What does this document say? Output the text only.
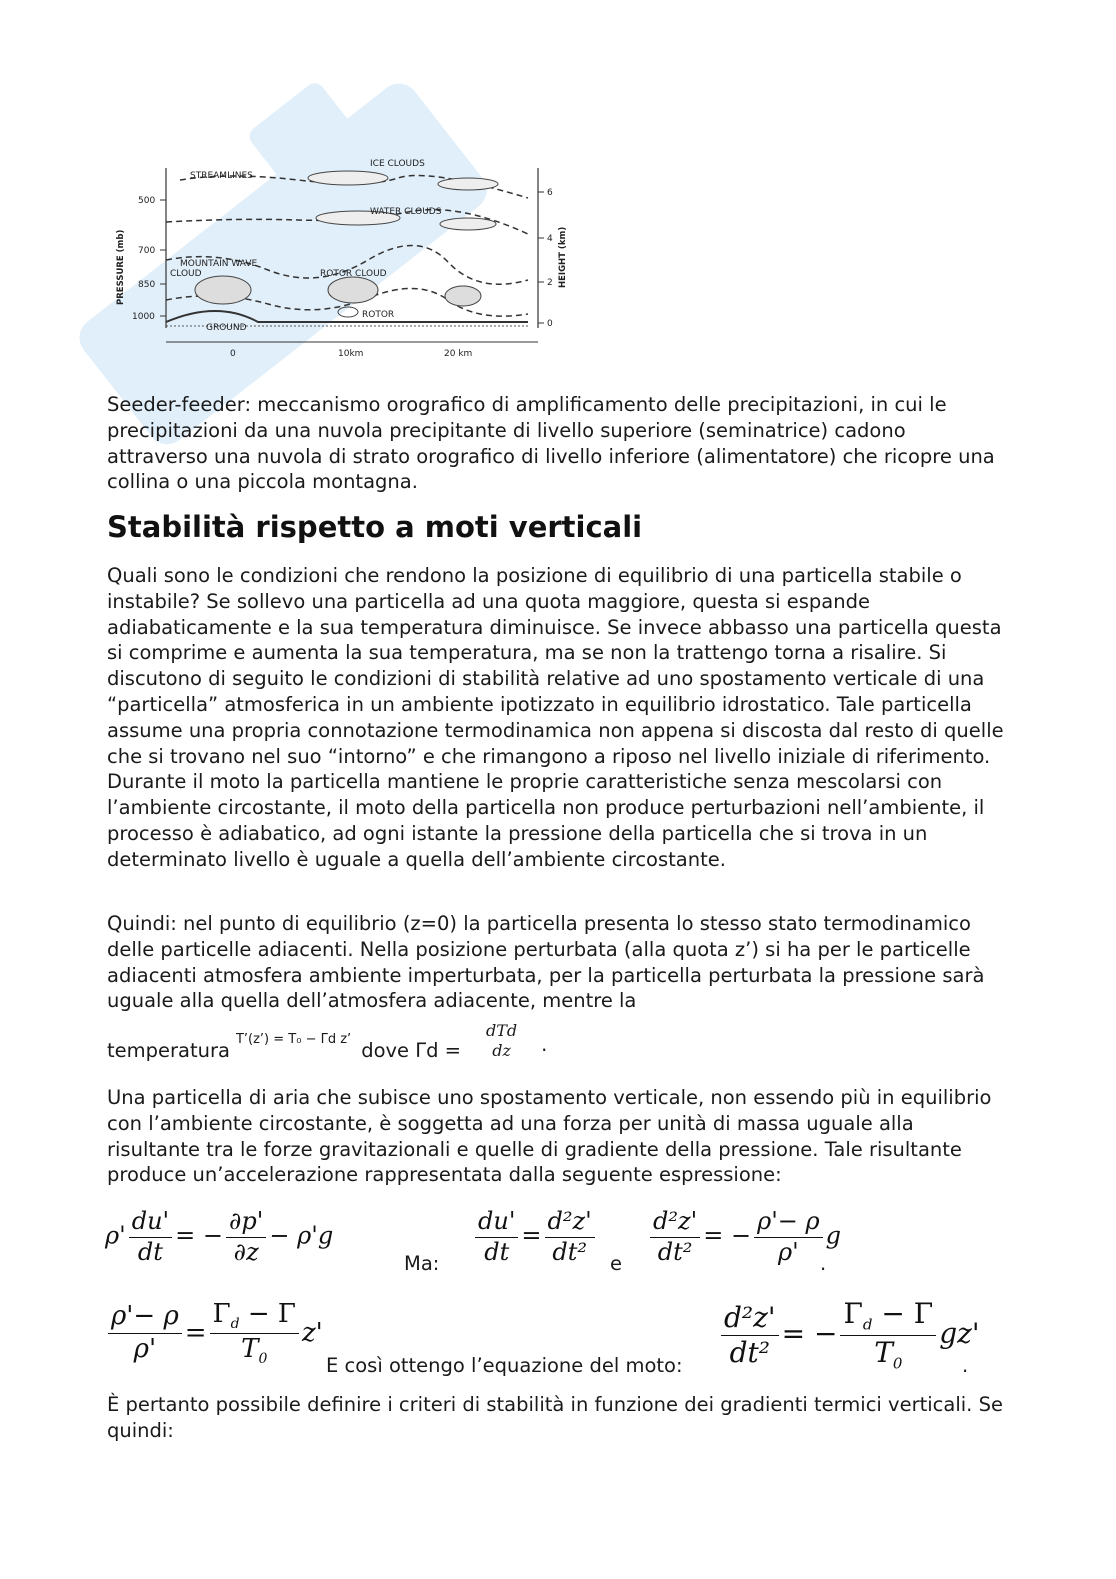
500
700
850
1000
6
4
2
0
PRESSURE (mb)	HEIGHT (km)
STREAMLINES
ICE CLOUDS
WATER CLOUDS
MOUNTAIN WAVE
CLOUD	ROTOR CLOUD
ROTOR
GROUND
0	10km	20 km

Seeder-feeder: meccanismo orografico di amplificamento delle precipitazioni, in cui le precipitazioni da una nuvola precipitante di livello superiore (seminatrice) cadono attraverso una nuvola di strato orografico di livello inferiore (alimentatore) che ricopre una collina o una piccola montagna.

Stabilità rispetto a moti verticali

Quali sono le condizioni che rendono la posizione di equilibrio di una particella stabile o instabile? Se sollevo una particella ad una quota maggiore, questa si espande adiabaticamente e la sua temperatura diminuisce. Se invece abbasso una particella questa si comprime e aumenta la sua temperatura, ma se non la trattengo torna a risalire. Si discutono di seguito le condizioni di stabilità relative ad uno spostamento verticale di una “particella” atmosferica in un ambiente ipotizzato in equilibrio idrostatico. Tale particella assume una propria connotazione termodinamica non appena si discosta dal resto di quelle che si trovano nel suo “intorno” e che rimangono a riposo nel livello iniziale di riferimento. Durante il moto la particella mantiene le proprie caratteristiche senza mescolarsi con l’ambiente circostante, il moto della particella non produce perturbazioni nell’ambiente, il processo è adiabatico, ad ogni istante la pressione della particella che si trova in un determinato livello è uguale a quella dell’ambiente circostante.

Quindi: nel punto di equilibrio (z=0) la particella presenta lo stesso stato termodinamico delle particelle adiacenti. Nella posizione perturbata (alla quota z’) si ha per le particelle adiacenti atmosfera ambiente imperturbata, per la particella perturbata la pressione sarà uguale alla quella dell’atmosfera adiacente, mentre la

temperatura T’(z’) = T₀ − Γd z’ dove Γd =
dTd
dz .

Una particella di aria che subisce uno spostamento verticale, non essendo più in equilibrio con l’ambiente circostante, è soggetta ad una forza per unità di massa uguale alla risultante tra le forze gravitazionali e quelle di gradiente della pressione. Tale risultante produce un’accelerazione rappresentata dalla seguente espressione:

$\rho' \frac{du'}{dt}$ = − $\frac{\partial p'}{\partial z} - \rho'g$
Ma: $\frac{du'}{dt} = \frac{\text{d²z'}}{\text{dt²}}$ e $\frac{\text{d²z'}}{\text{dt²}}$ = − $\frac{\rho'- \rho}{\rho'}$ g
.
$\frac{\rho'- \rho}{\rho'} = \frac{\Gamma_d - \Gamma}{T_0} z'$
E così ottengo l’equazione del moto: $\frac{\text{d²z'}}{\text{dt²}}$ = − $\frac{\Gamma_d - \Gamma}{T_0} gz'$
.

È pertanto possibile definire i criteri di stabilità in funzione dei gradienti termici verticali. Se quindi:
